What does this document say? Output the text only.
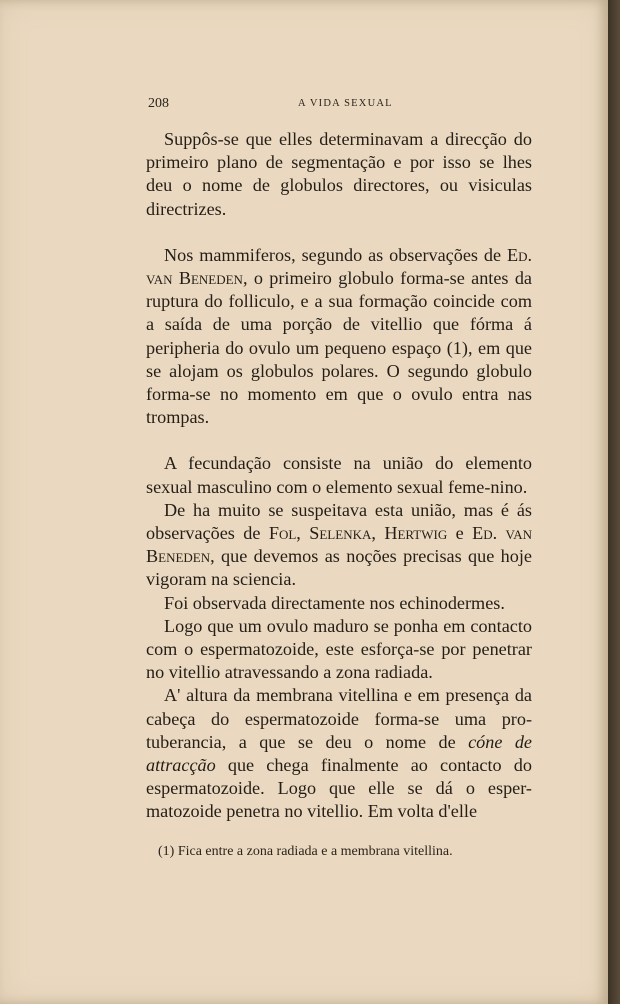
208	A VIDA SEXUAL

Suppôs-se que elles determinavam a direcção do primeiro plano de segmentação e por isso se lhes deu o nome de globulos directores, ou visiculas directrizes.

Nos mammiferos, segundo as observações de Ed. van Beneden, o primeiro globulo forma-se antes da ruptura do folliculo, e a sua formação coincide com a saída de uma porção de vitellio que fórma á peripheria do ovulo um pequeno espaço (1), em que se alojam os globulos polares. O segundo globulo forma-se no momento em que o ovulo entra nas trompas.

A fecundação consiste na união do elemento sexual masculino com o elemento sexual feme-nino.

De ha muito se suspeitava esta união, mas é ás observações de Fol, Selenka, Hertwig e Ed. van Beneden, que devemos as noções precisas que hoje vigoram na sciencia.

Foi observada directamente nos echinodermes.

Logo que um ovulo maduro se ponha em contacto com o espermatozoide, este esforça-se por penetrar no vitellio atravessando a zona radiada.

A' altura da membrana vitellina e em presença da cabeça do espermatozoide forma-se uma pro-tuberancia, a que se deu o nome de cóne de attracção que chega finalmente ao contacto do espermatozoide. Logo que elle se dá o esper-matozoide penetra no vitellio. Em volta d'elle

(1) Fica entre a zona radiada e a membrana vitellina.
